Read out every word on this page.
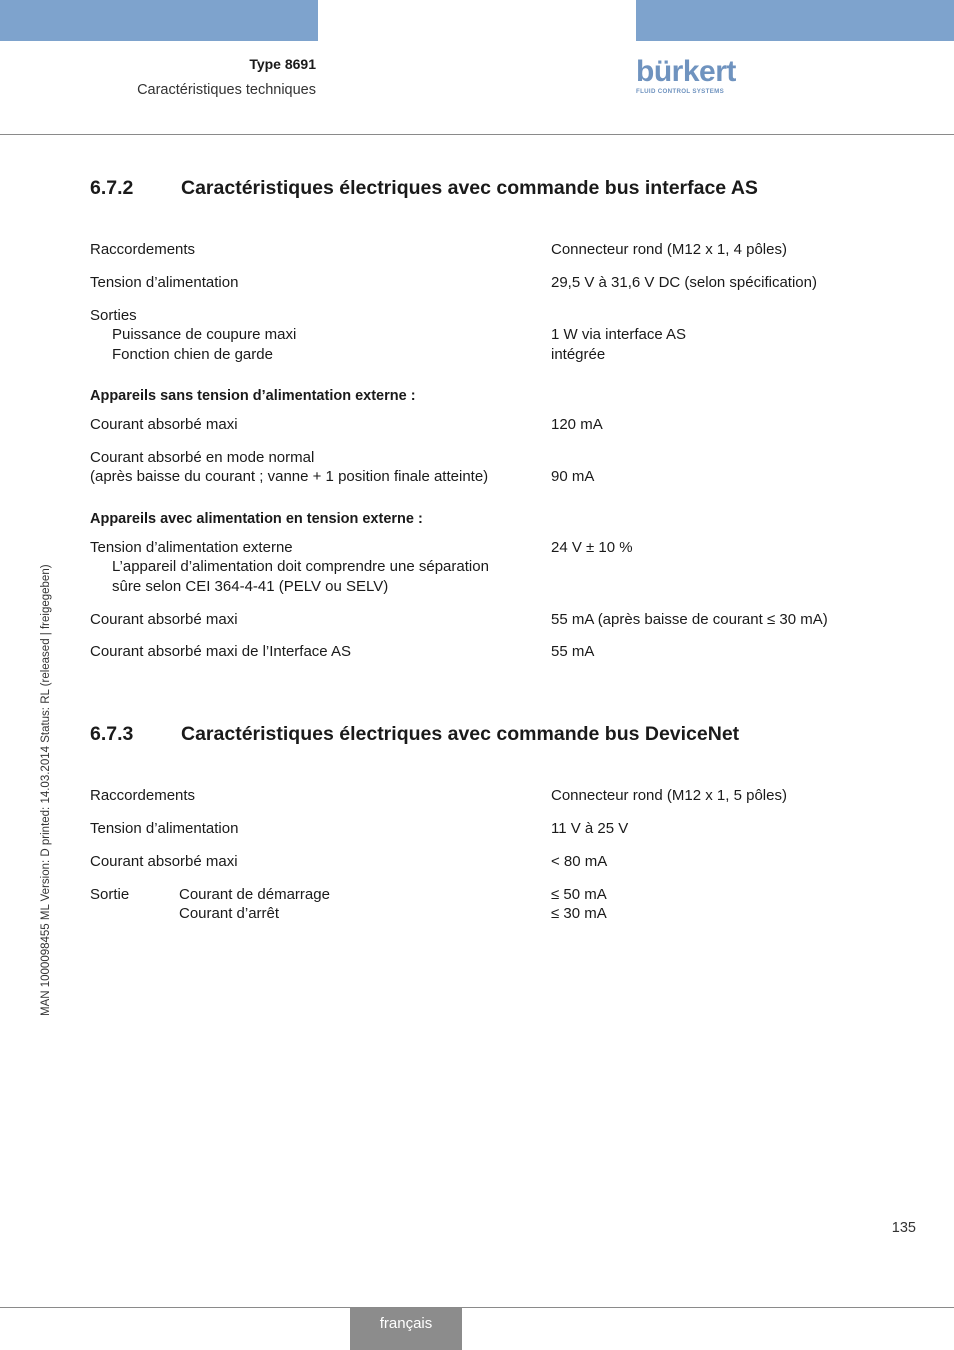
Type 8691
Caractéristiques techniques
bürkert
FLUID CONTROL SYSTEMS
6.7.2 Caractéristiques électriques avec commande bus interface AS
Raccordements	Connecteur rond (M12 x 1, 4 pôles)
Tension d’alimentation	29,5 V à 31,6 V DC (selon spécification)
Sorties
Puissance de coupure maxi	1 W via interface AS
Fonction chien de garde	intégrée
Appareils sans tension d’alimentation externe :
Courant absorbé maxi	120 mA
Courant absorbé en mode normal
(après baisse du courant ; vanne + 1 position finale atteinte)	90 mA
Appareils avec alimentation en tension externe :
Tension d’alimentation externe	24 V ± 10 %
L’appareil d’alimentation doit comprendre une séparation
sûre selon CEI 364-4-41 (PELV ou SELV)
Courant absorbé maxi	55 mA (après baisse de courant ≤ 30 mA)
Courant absorbé maxi de l’Interface AS	55 mA
6.7.3 Caractéristiques électriques avec commande bus DeviceNet
Raccordements	Connecteur rond (M12 x 1, 5 pôles)
Tension d’alimentation	11 V à 25 V
Courant absorbé maxi	< 80 mA
Sortie	Courant de démarrage	≤ 50 mA
Courant d’arrêt	≤ 30 mA
MAN 1000098455 ML Version: D printed: 14.03.2014 Status: RL (released | freigegeben)
135
français
